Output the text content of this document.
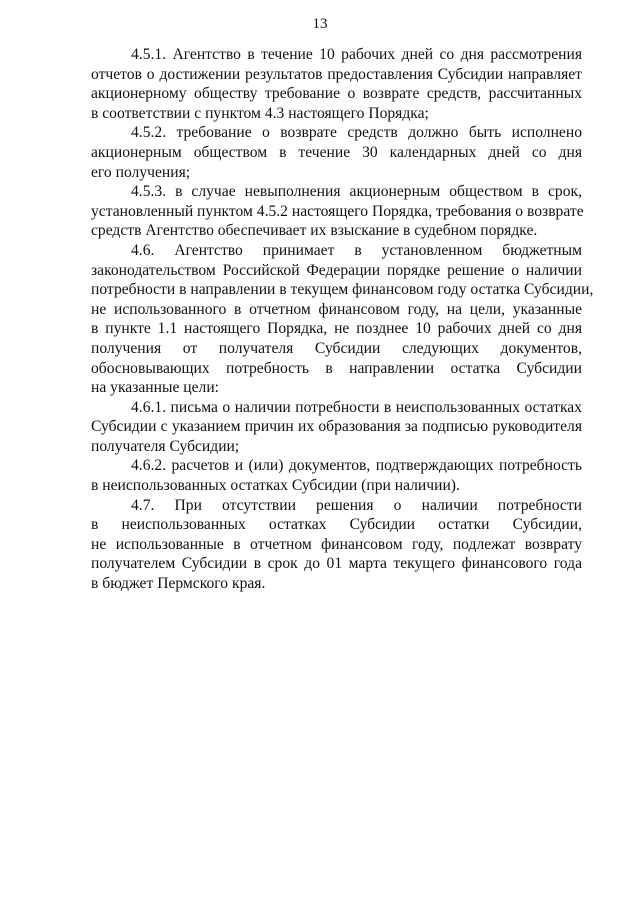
13
4.5.1. Агентство в течение 10 рабочих дней со дня рассмотрения
отчетов о достижении результатов предоставления Субсидии направляет
акционерному обществу требование о возврате средств, рассчитанных
в соответствии с пунктом 4.3 настоящего Порядка;
4.5.2. требование о возврате средств должно быть исполнено
акционерным обществом в течение 30 календарных дней со дня
его получения;
4.5.3. в случае невыполнения акционерным обществом в срок,
установленный пунктом 4.5.2 настоящего Порядка, требования о возврате
средств Агентство обеспечивает их взыскание в судебном порядке.
4.6. Агентство принимает в установленном бюджетным
законодательством Российской Федерации порядке решение о наличии
потребности в направлении в текущем финансовом году остатка Субсидии,
не использованного в отчетном финансовом году, на цели, указанные
в пункте 1.1 настоящего Порядка, не позднее 10 рабочих дней со дня
получения от получателя Субсидии следующих документов,
обосновывающих потребность в направлении остатка Субсидии
на указанные цели:
4.6.1. письма о наличии потребности в неиспользованных остатках
Субсидии с указанием причин их образования за подписью руководителя
получателя Субсидии;
4.6.2. расчетов и (или) документов, подтверждающих потребность
в неиспользованных остатках Субсидии (при наличии).
4.7. При отсутствии решения о наличии потребности
в неиспользованных остатках Субсидии остатки Субсидии,
не использованные в отчетном финансовом году, подлежат возврату
получателем Субсидии в срок до 01 марта текущего финансового года
в бюджет Пермского края.
